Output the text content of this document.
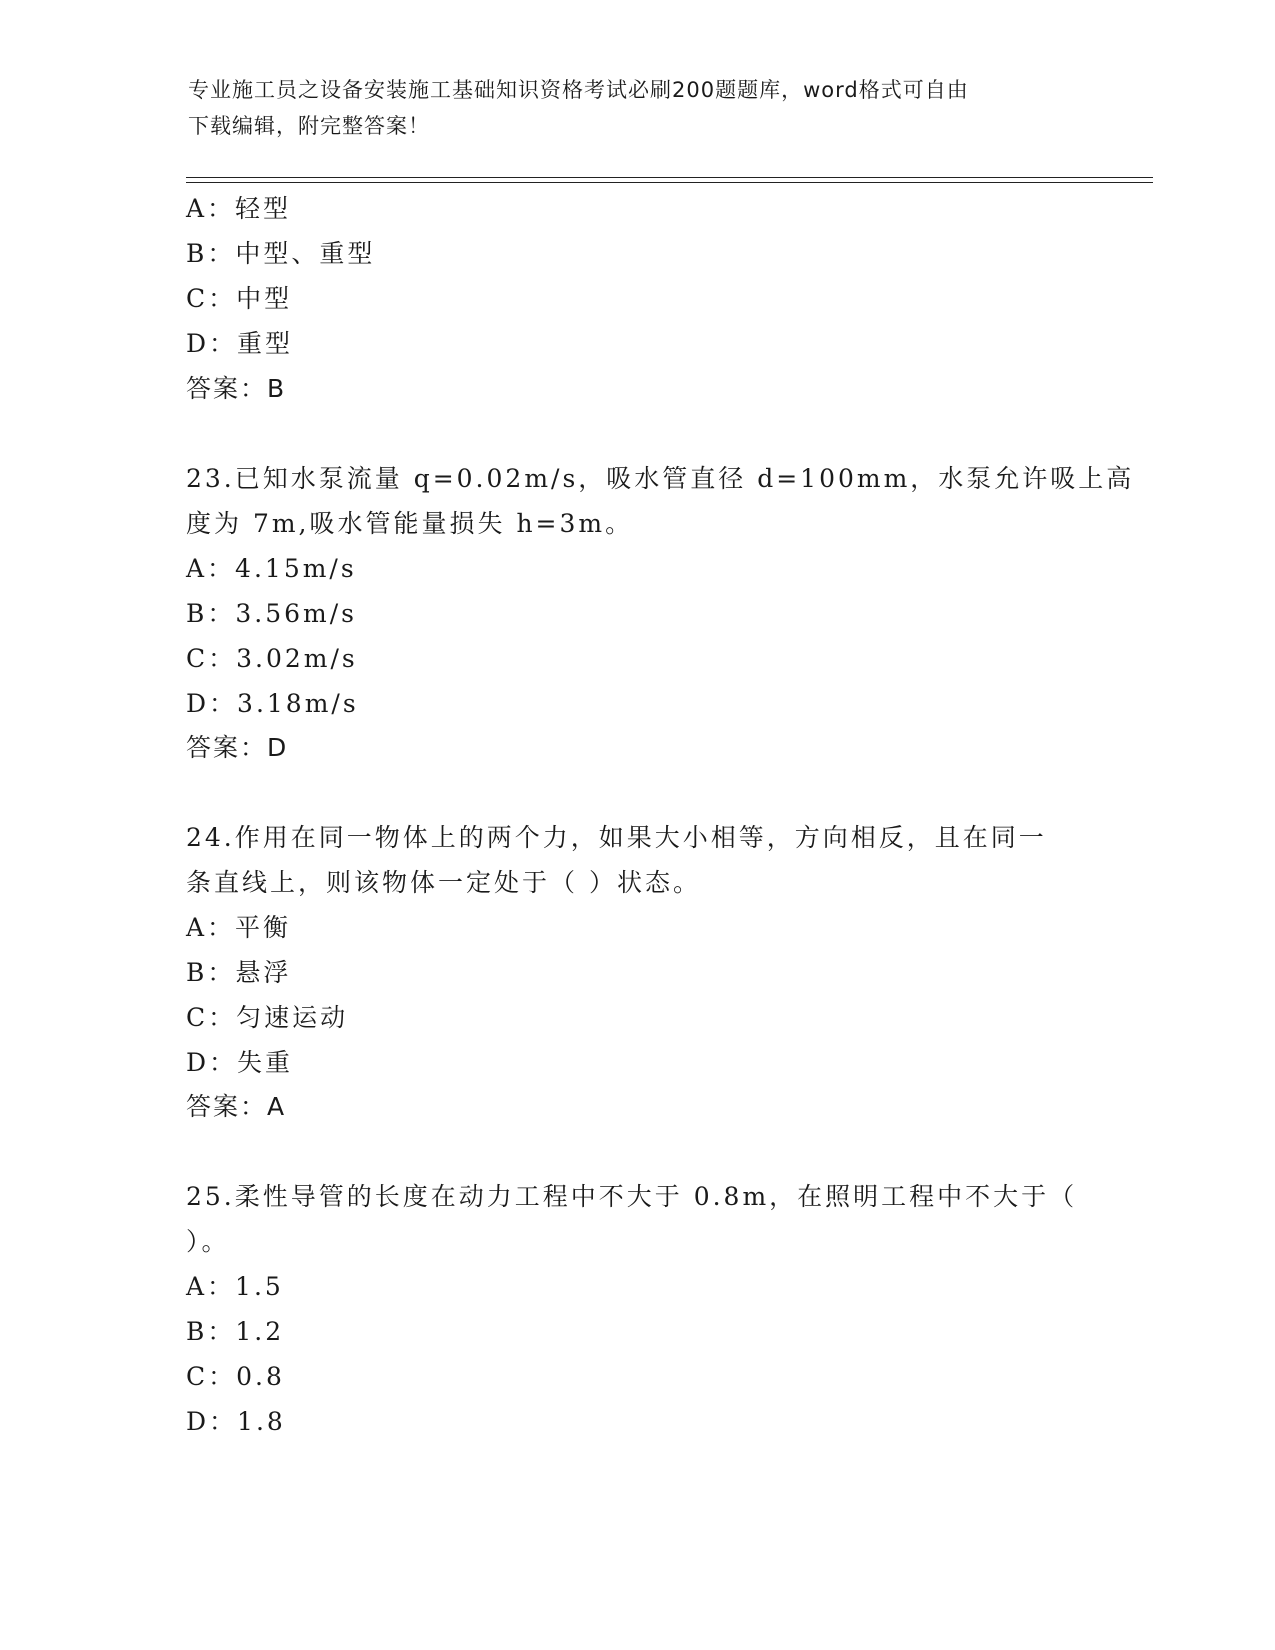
专业施工员之设备安装施工基础知识资格考试必刷200题题库，word格式可自由
下载编辑，附完整答案！
A：轻型
B：中型、重型
C：中型
D：重型
答案：B
23.已知水泵流量 q=0.02m/s，吸水管直径 d=100mm，水泵允许吸上高
度为 7m,吸水管能量损失 h=3m。
A：4.15m/s
B：3.56m/s
C：3.02m/s
D：3.18m/s
答案：D
24.作用在同一物体上的两个力，如果大小相等，方向相反，且在同一
条直线上，则该物体一定处于（ ）状态。
A：平衡
B：悬浮
C：匀速运动
D：失重
答案：A
25.柔性导管的长度在动力工程中不大于 0.8m，在照明工程中不大于（
）。
A：1.5
B：1.2
C：0.8
D：1.8
